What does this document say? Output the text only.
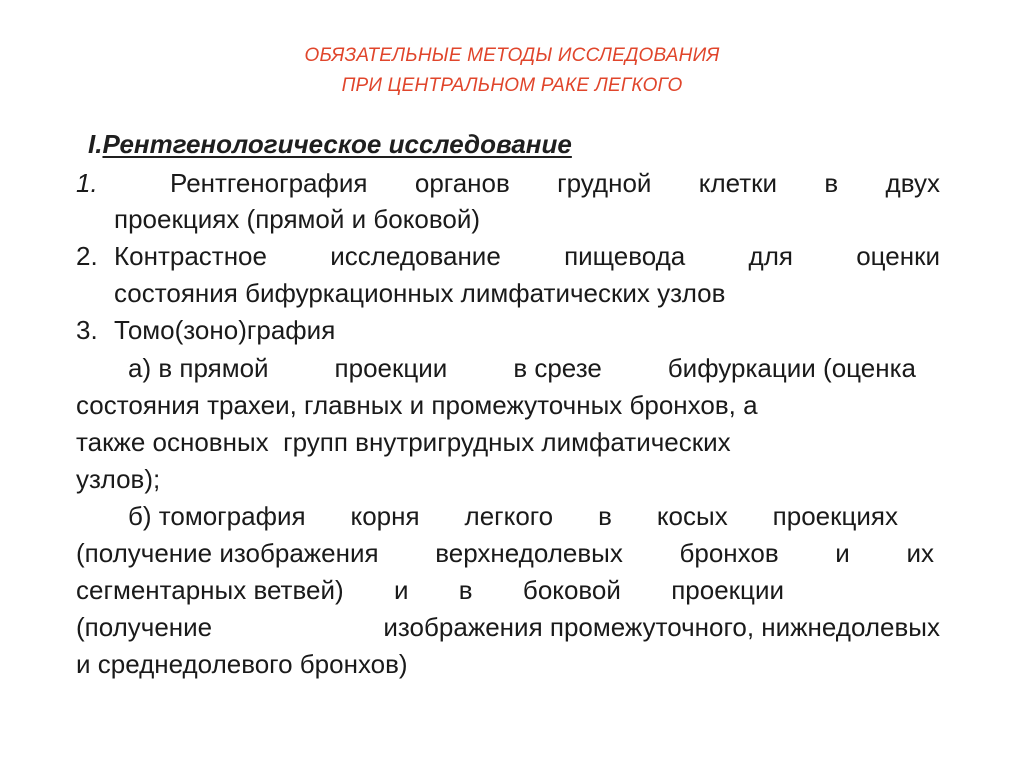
ОБЯЗАТЕЛЬНЫЕ МЕТОДЫ ИССЛЕДОВАНИЯ
ПРИ ЦЕНТРАЛЬНОМ РАКЕ ЛЕГКОГО
I.Рентгенологическое исследование
1.	Рентгенография органов грудной клетки в двух
проекциях (прямой и боковой)
2. Контрастное исследование пищевода для оценки
состояния бифуркационных лимфатических узлов
3. Томо(зоно)графия
а) в прямой	проекции	в срезе	бифуркации (оценка
состояния трахеи, главных и промежуточных бронхов, а
также основных  групп внутригрудных лимфатических
узлов);
б) томография корня легкого в косых проекциях
(получение изображения верхнедолевых бронхов и их
сегментарных ветвей) и в боковой проекции
(получение	изображения промежуточного, нижнедолевых
и среднедолевого бронхов)
